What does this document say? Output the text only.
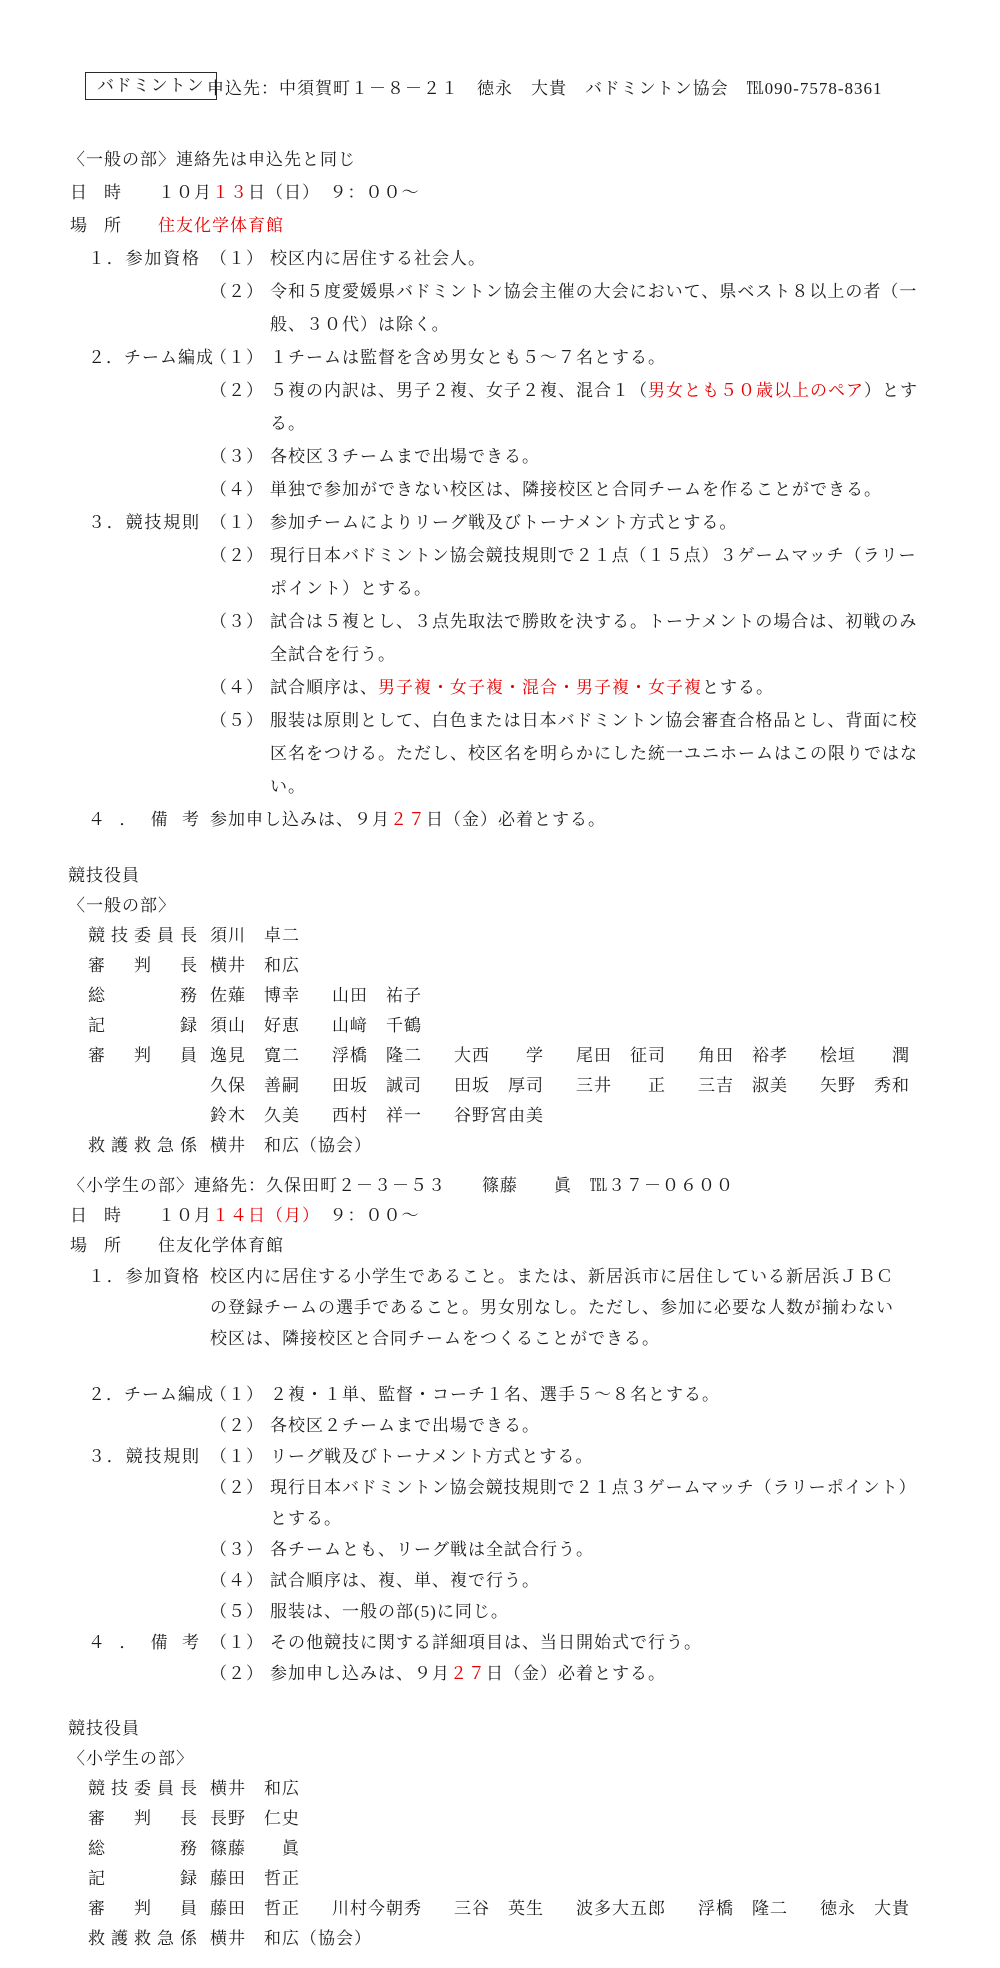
バドミントン 申込先：中須賀町１－８－２１　徳永　大貴　バドミントン協会　℡090-7578-8361
〈一般の部〉連絡先は申込先と同じ
日時 １０月１３日（日）　９：００～
場所 住友化学体育館
１．参加資格 （１） 校区内に居住する社会人。
（２） 令和５度愛媛県バドミントン協会主催の大会において、県ベスト８以上の者（一
般、３０代）は除く。
２．チーム編成
（１） １チームは監督を含め男女とも５～７名とする。
（２） ５複の内訳は、男子２複、女子２複、混合１（男女とも５０歳以上のペア）とす
る。
（３） 各校区３チームまで出場できる。
（４） 単独で参加ができない校区は、隣接校区と合同チームを作ることができる。
３．競技規則 （１） 参加チームによりリーグ戦及びトーナメント方式とする。
（２） 現行日本バドミントン協会競技規則で２１点（１５点）３ゲームマッチ（ラリー
ポイント）とする。
（３） 試合は５複とし、３点先取法で勝敗を決する。トーナメントの場合は、初戦のみ
全試合を行う。
（４） 試合順序は、男子複・女子複・混合・男子複・女子複とする。
（５） 服装は原則として、白色または日本バドミントン協会審査合格品とし、背面に校
区名をつける。ただし、校区名を明らかにした統一ユニホームはこの限りではな
い。
４．備考 参加申し込みは、９月２７日（金）必着とする。
競技役員
〈一般の部〉
競技委員長 須川　卓二
審判長 横井　和広
総務 佐薙　博幸 山田　祐子
記録 須山　好恵 山﨑　千鶴
審判員 逸見　寛二 浮橋　隆二 大西　　学 尾田　征司 角田　裕孝 桧垣　　潤
久保　善嗣 田坂　誠司 田坂　厚司 三井　　正 三吉　淑美 矢野　秀和
鈴木　久美 西村　祥一 谷野宮由美
救護救急係 横井　和広（協会）
〈小学生の部〉連絡先：久保田町２－３－５３　　篠藤　　眞　℡３７－０６００
日時 １０月１４日（月）　９：００～
場所 住友化学体育館
１．参加資格 校区内に居住する小学生であること。または、新居浜市に居住している新居浜ＪＢＣ
の登録チームの選手であること。男女別なし。ただし、参加に必要な人数が揃わない
校区は、隣接校区と合同チームをつくることができる。
２．チーム編成
（１） ２複・１単、監督・コーチ１名、選手５～８名とする。
（２） 各校区２チームまで出場できる。
３．競技規則 （１） リーグ戦及びトーナメント方式とする。
（２） 現行日本バドミントン協会競技規則で２１点３ゲームマッチ（ラリーポイント）
とする。
（３） 各チームとも、リーグ戦は全試合行う。
（４） 試合順序は、複、単、複で行う。
（５） 服装は、一般の部(5)に同じ。
４．備考 （１） その他競技に関する詳細項目は、当日開始式で行う。
（２） 参加申し込みは、９月２７日（金）必着とする。
競技役員
〈小学生の部〉
競技委員長 横井　和広
審判長 長野　仁史
総務 篠藤　　眞
記録 藤田　哲正
審判員 藤田　哲正 川村今朝秀 三谷　英生 波多大五郎 浮橋　隆二 徳永　大貴
救護救急係 横井　和広（協会）
